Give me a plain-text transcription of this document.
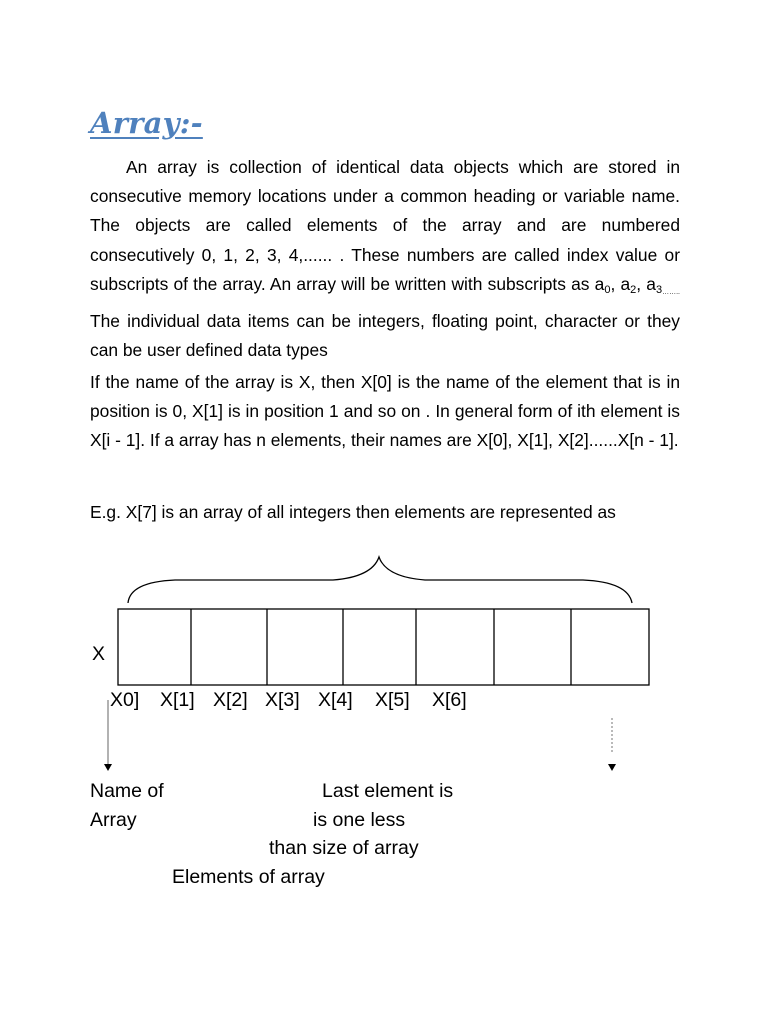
Array:-

An array is collection of identical data objects which are stored in consecutive memory locations under a common heading or variable name. The objects are called elements of the array and are numbered consecutively 0, 1, 2, 3, 4,...... . These numbers are called index value or subscripts of the array. An array will be written with subscripts as $a_0$, $a_2$, $a_{3\dots\dots..}$ The individual data items can be integers, floating point, character or they can be user defined data types

If the name of the array is X, then X[0] is the name of the element that is in position is 0, X[1] is in position 1 and so on . In general form of ith element is X[i - 1]. If a array has n elements, their names are X[0], X[1], X[2]......X[n - 1].

E.g. X[7] is an array of all integers then elements are represented as

X
X0] X[1] X[2] X[3] X[4] X[5] X[6]
Name of
Array
Last element is
is one less
than size of array
Elements of array
